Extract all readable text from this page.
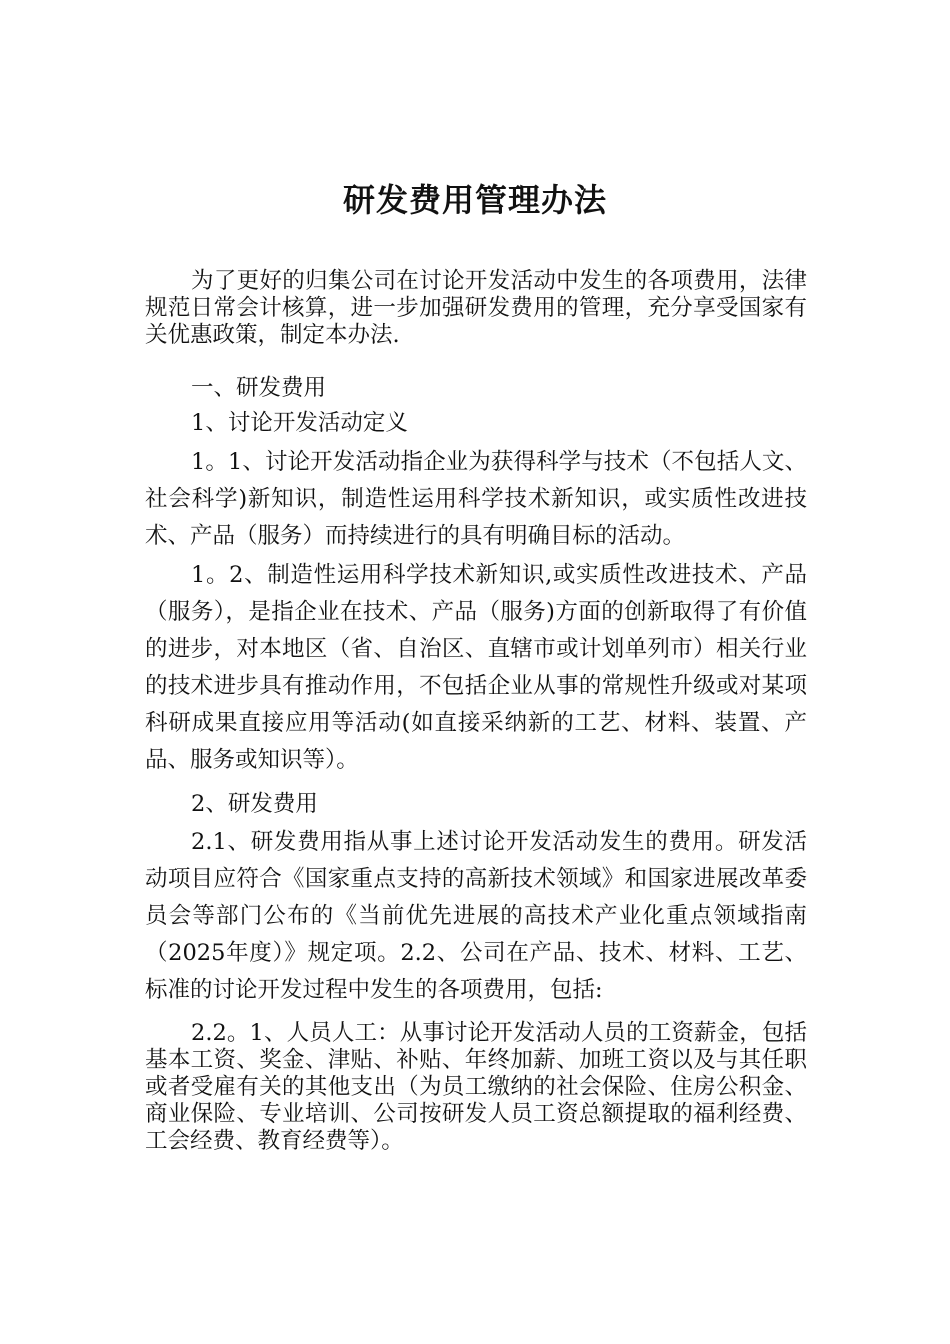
研发费用管理办法
为了更好的归集公司在讨论开发活动中发生的各项费用，法律规范日常会计核算，进一步加强研发费用的管理，充分享受国家有关优惠政策，制定本办法.
一、研发费用
1、讨论开发活动定义
1。1、讨论开发活动指企业为获得科学与技术（不包括人文、社会科学)新知识，制造性运用科学技术新知识，或实质性改进技术、产品（服务）而持续进行的具有明确目标的活动。
1。2、制造性运用科学技术新知识,或实质性改进技术、产品（服务），是指企业在技术、产品（服务)方面的创新取得了有价值的进步，对本地区（省、自治区、直辖市或计划单列市）相关行业的技术进步具有推动作用，不包括企业从事的常规性升级或对某项科研成果直接应用等活动(如直接采纳新的工艺、材料、装置、产品、服务或知识等）。
2、研发费用
2.1、研发费用指从事上述讨论开发活动发生的费用。研发活动项目应符合《国家重点支持的高新技术领域》和国家进展改革委员会等部门公布的《当前优先进展的高技术产业化重点领域指南（2025年度）》规定项。2.2、公司在产品、技术、材料、工艺、标准的讨论开发过程中发生的各项费用，包括:
2.2。1、人员人工：从事讨论开发活动人员的工资薪金，包括基本工资、奖金、津贴、补贴、年终加薪、加班工资以及与其任职或者受雇有关的其他支出（为员工缴纳的社会保险、住房公积金、商业保险、专业培训、公司按研发人员工资总额提取的福利经费、工会经费、教育经费等）。
